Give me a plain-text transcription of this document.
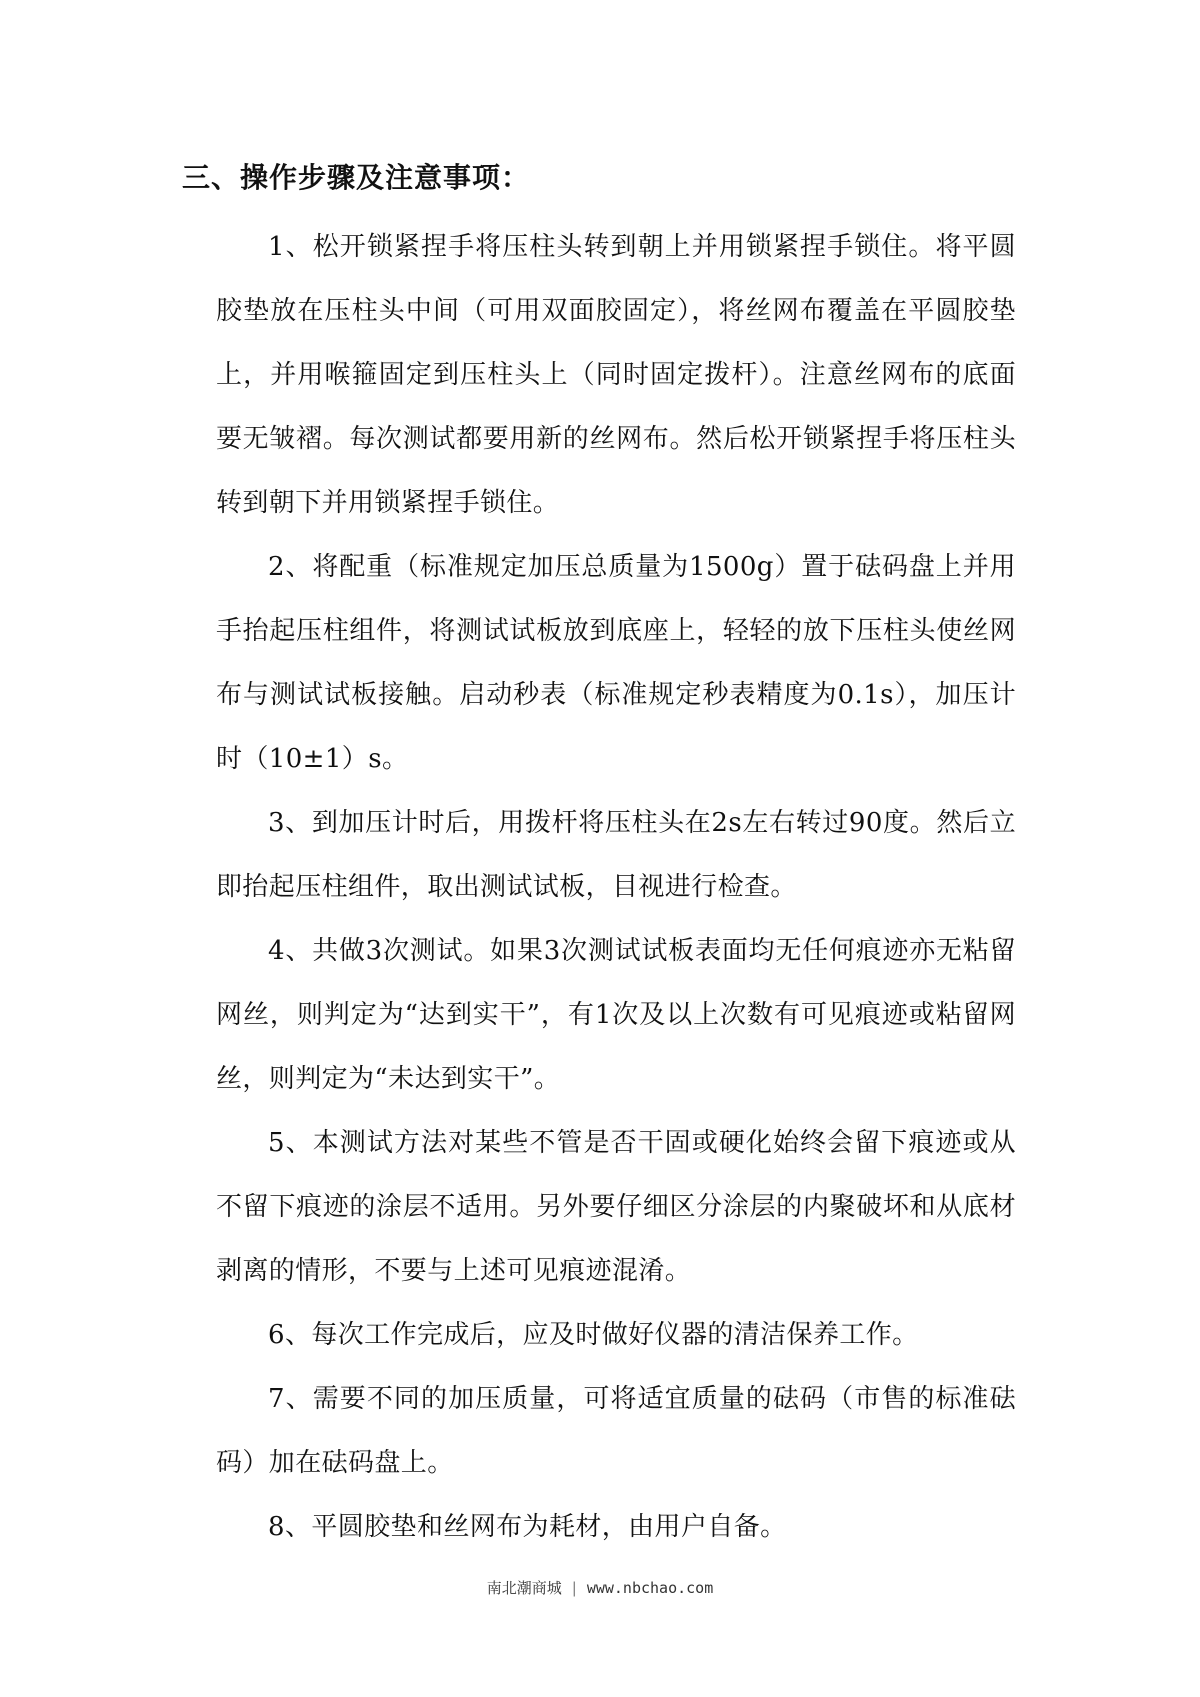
三、操作步骤及注意事项：

1、松开锁紧捏手将压柱头转到朝上并用锁紧捏手锁住。将平圆胶垫放在压柱头中间（可用双面胶固定），将丝网布覆盖在平圆胶垫上，并用喉箍固定到压柱头上（同时固定拨杆）。注意丝网布的底面要无皱褶。每次测试都要用新的丝网布。然后松开锁紧捏手将压柱头转到朝下并用锁紧捏手锁住。

2、将配重（标准规定加压总质量为1500g）置于砝码盘上并用手抬起压柱组件，将测试试板放到底座上，轻轻的放下压柱头使丝网布与测试试板接触。启动秒表（标准规定秒表精度为0.1s），加压计时（10±1）s。

3、到加压计时后，用拨杆将压柱头在2s左右转过90度。然后立即抬起压柱组件，取出测试试板，目视进行检查。

4、共做3次测试。如果3次测试试板表面均无任何痕迹亦无粘留网丝，则判定为“达到实干”，有1次及以上次数有可见痕迹或粘留网丝，则判定为“未达到实干”。

5、本测试方法对某些不管是否干固或硬化始终会留下痕迹或从不留下痕迹的涂层不适用。另外要仔细区分涂层的内聚破坏和从底材剥离的情形，不要与上述可见痕迹混淆。

6、每次工作完成后，应及时做好仪器的清洁保养工作。

7、需要不同的加压质量，可将适宜质量的砝码（市售的标准砝码）加在砝码盘上。

8、平圆胶垫和丝网布为耗材，由用户自备。

南北潮商城 | www.nbchao.com
